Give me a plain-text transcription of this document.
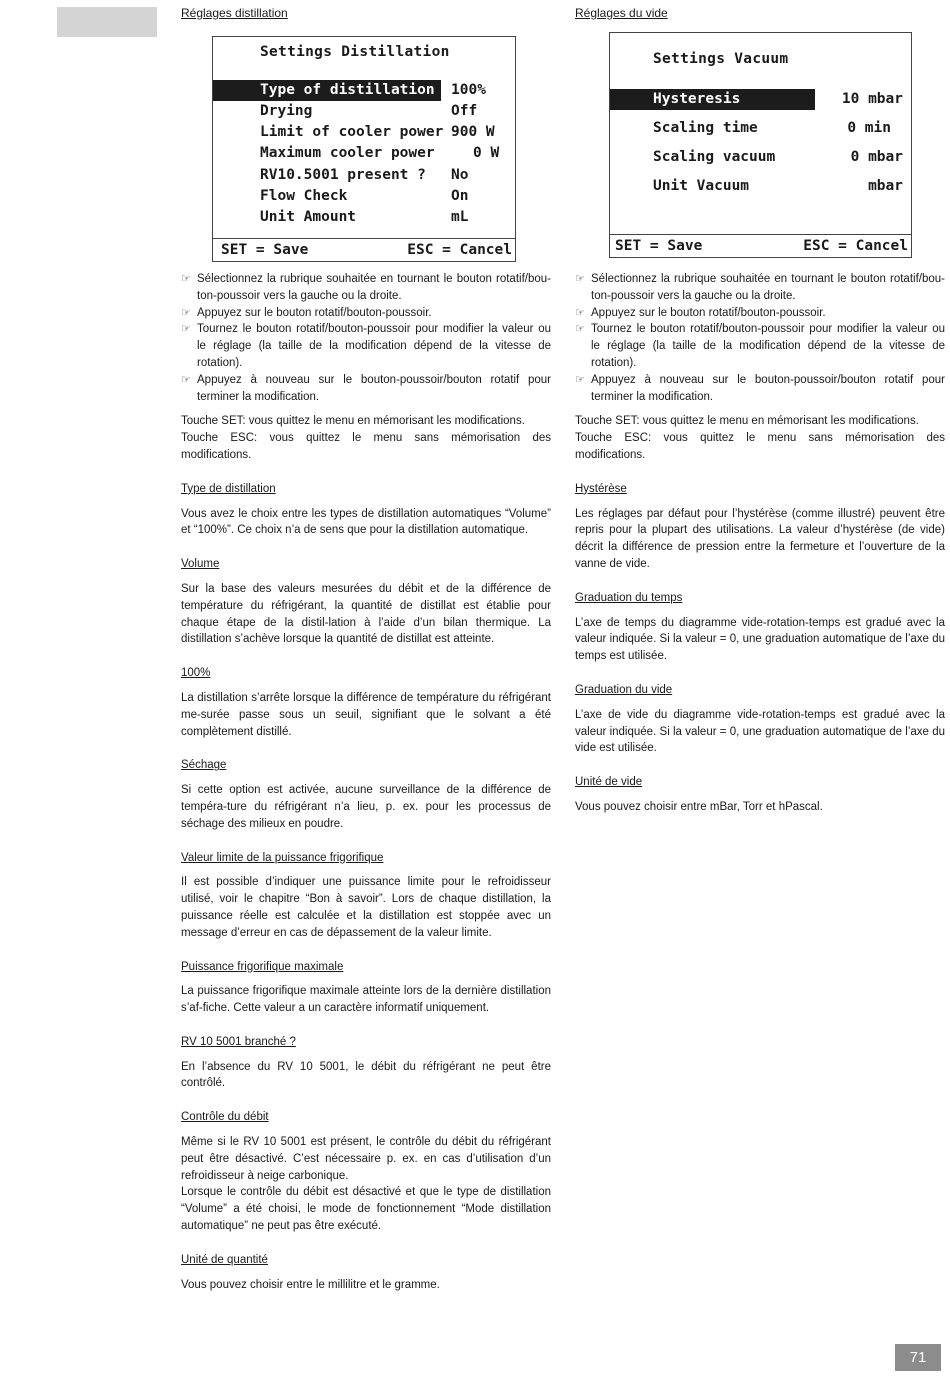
Réglages distillation	Réglages du vide
Settings Distillation
Type of distillation 100%
Drying	Off
Limit of cooler power 900 W
Maximum cooler power	0 W
RV10.5001 present ? No
Flow Check	On
Unit Amount	mL
SET = Save	ESC = Cancel
Settings Vacuum
Hysteresis	10 mbar
Scaling time	0 min
Scaling vacuum	0 mbar
Unit Vacuum	mbar
SET = Save	ESC = Cancel
☞ Sélectionnez la rubrique souhaitée en tournant le bouton rotatif/bou-ton-poussoir vers la gauche ou la droite.
☞ Appuyez sur le bouton rotatif/bouton-poussoir.
☞ Tournez le bouton rotatif/bouton-poussoir pour modifier la valeur ou le réglage (la taille de la modification dépend de la vitesse de rotation).
☞ Appuyez à nouveau sur le bouton-poussoir/bouton rotatif pour terminer la modification.

Touche SET: vous quittez le menu en mémorisant les modifications.

Touche ESC: vous quittez le menu sans mémorisation des modifications.

Type de distillation

Vous avez le choix entre les types de distillation automatiques “Volume” et “100%”. Ce choix n’a de sens que pour la distillation automatique.

Volume

Sur la base des valeurs mesurées du débit et de la différence de température du réfrigérant, la quantité de distillat est établie pour chaque étape de la distil-lation à l’aide d’un bilan thermique. La distillation s’achève lorsque la quantité de distillat est atteinte.

100%

La distillation s’arrête lorsque la différence de température du réfrigérant me-surée passe sous un seuil, signifiant que le solvant a été complètement distillé.

Séchage

Si cette option est activée, aucune surveillance de la différence de tempéra-ture du réfrigérant n’a lieu, p. ex. pour les processus de séchage des milieux en poudre.

Valeur limite de la puissance frigorifique

Il est possible d’indiquer une puissance limite pour le refroidisseur utilisé, voir le chapitre “Bon à savoir”. Lors de chaque distillation, la puissance réelle est calculée et la distillation est stoppée avec un message d’erreur en cas de dépassement de la valeur limite.

Puissance frigorifique maximale

La puissance frigorifique maximale atteinte lors de la dernière distillation s’af-fiche. Cette valeur a un caractère informatif uniquement.

RV 10 5001 branché ?

En l’absence du RV 10 5001, le débit du réfrigérant ne peut être contrôlé.

Contrôle du débit

Même si le RV 10 5001 est présent, le contrôle du débit du réfrigérant peut être désactivé. C’est nécessaire p. ex. en cas d’utilisation d’un refroidisseur à neige carbonique.

Lorsque le contrôle du débit est désactivé et que le type de distillation “Volume” a été choisi, le mode de fonctionnement “Mode distillation automatique” ne peut pas être exécuté.

Unité de quantité

Vous pouvez choisir entre le millilitre et le gramme.

☞ Sélectionnez la rubrique souhaitée en tournant le bouton rotatif/bou-ton-poussoir vers la gauche ou la droite.
☞ Appuyez sur le bouton rotatif/bouton-poussoir.
☞ Tournez le bouton rotatif/bouton-poussoir pour modifier la valeur ou le réglage (la taille de la modification dépend de la vitesse de rotation).
☞ Appuyez à nouveau sur le bouton-poussoir/bouton rotatif pour terminer la modification.

Touche SET: vous quittez le menu en mémorisant les modifications.

Touche ESC: vous quittez le menu sans mémorisation des modifications.

Hystérèse

Les réglages par défaut pour l’hystérèse (comme illustré) peuvent être repris pour la plupart des utilisations. La valeur d’hystérèse (de vide) décrit la différence de pression entre la fermeture et l’ouverture de la vanne de vide.

Graduation du temps

L’axe de temps du diagramme vide-rotation-temps est gradué avec la valeur indiquée. Si la valeur = 0, une graduation automatique de l’axe du temps est utilisée.

Graduation du vide

L’axe de vide du diagramme vide-rotation-temps est gradué avec la valeur indiquée. Si la valeur = 0, une graduation automatique de l’axe du vide est utilisée.

Unité de vide

Vous pouvez choisir entre mBar, Torr et hPascal.

71
